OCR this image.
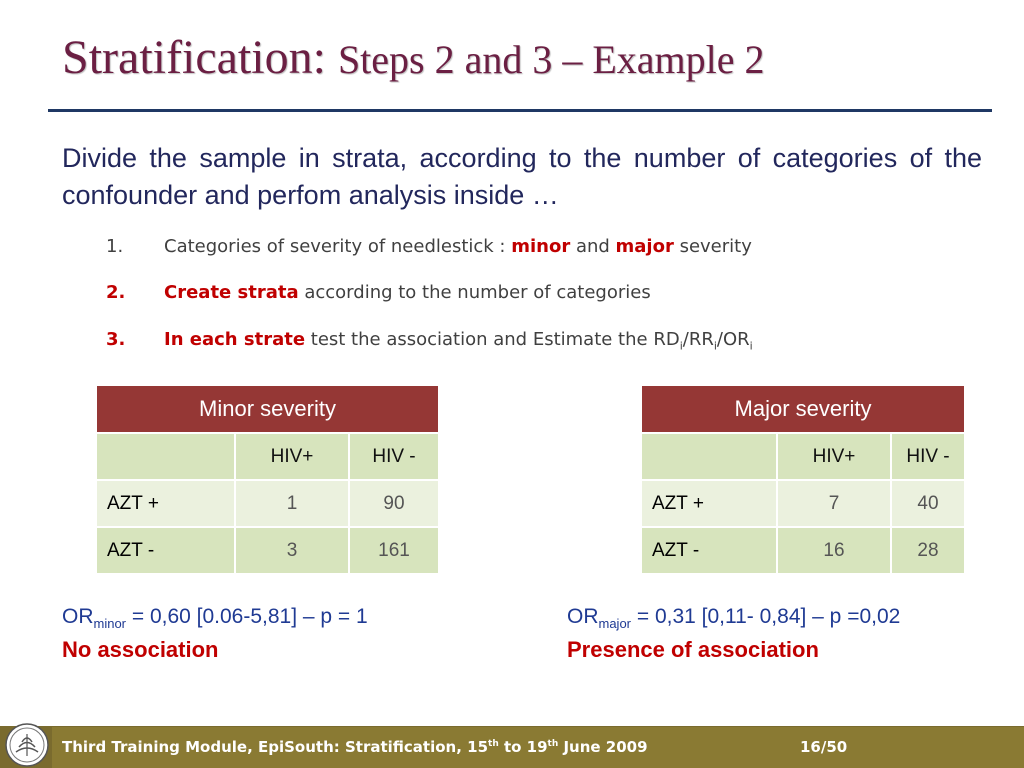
Stratification: Steps 2 and 3 – Example 2
Divide the sample in strata, according to the number of categories of the confounder and perfom analysis inside …
1. Categories of severity of needlestick : minor and major severity
2. Create strata according to the number of categories
3. In each strate test the association and Estimate the $RD_i/RR_i/OR_i$
Minor severity		
	HIV+	HIV -
AZT +	1	90
AZT -	3	161
Major severity		
	HIV+	HIV -
AZT +	7	40
AZT -	16	28
$OR_{minor} = 0,60$ [0.06-5,81] – p = 1
No association
$OR_{major} = 0,31$ [0,11- 0,84] – p =0,02
Presence of association
Third Training Module, EpiSouth: Stratification, 15th to 19th June 2009	16/50
